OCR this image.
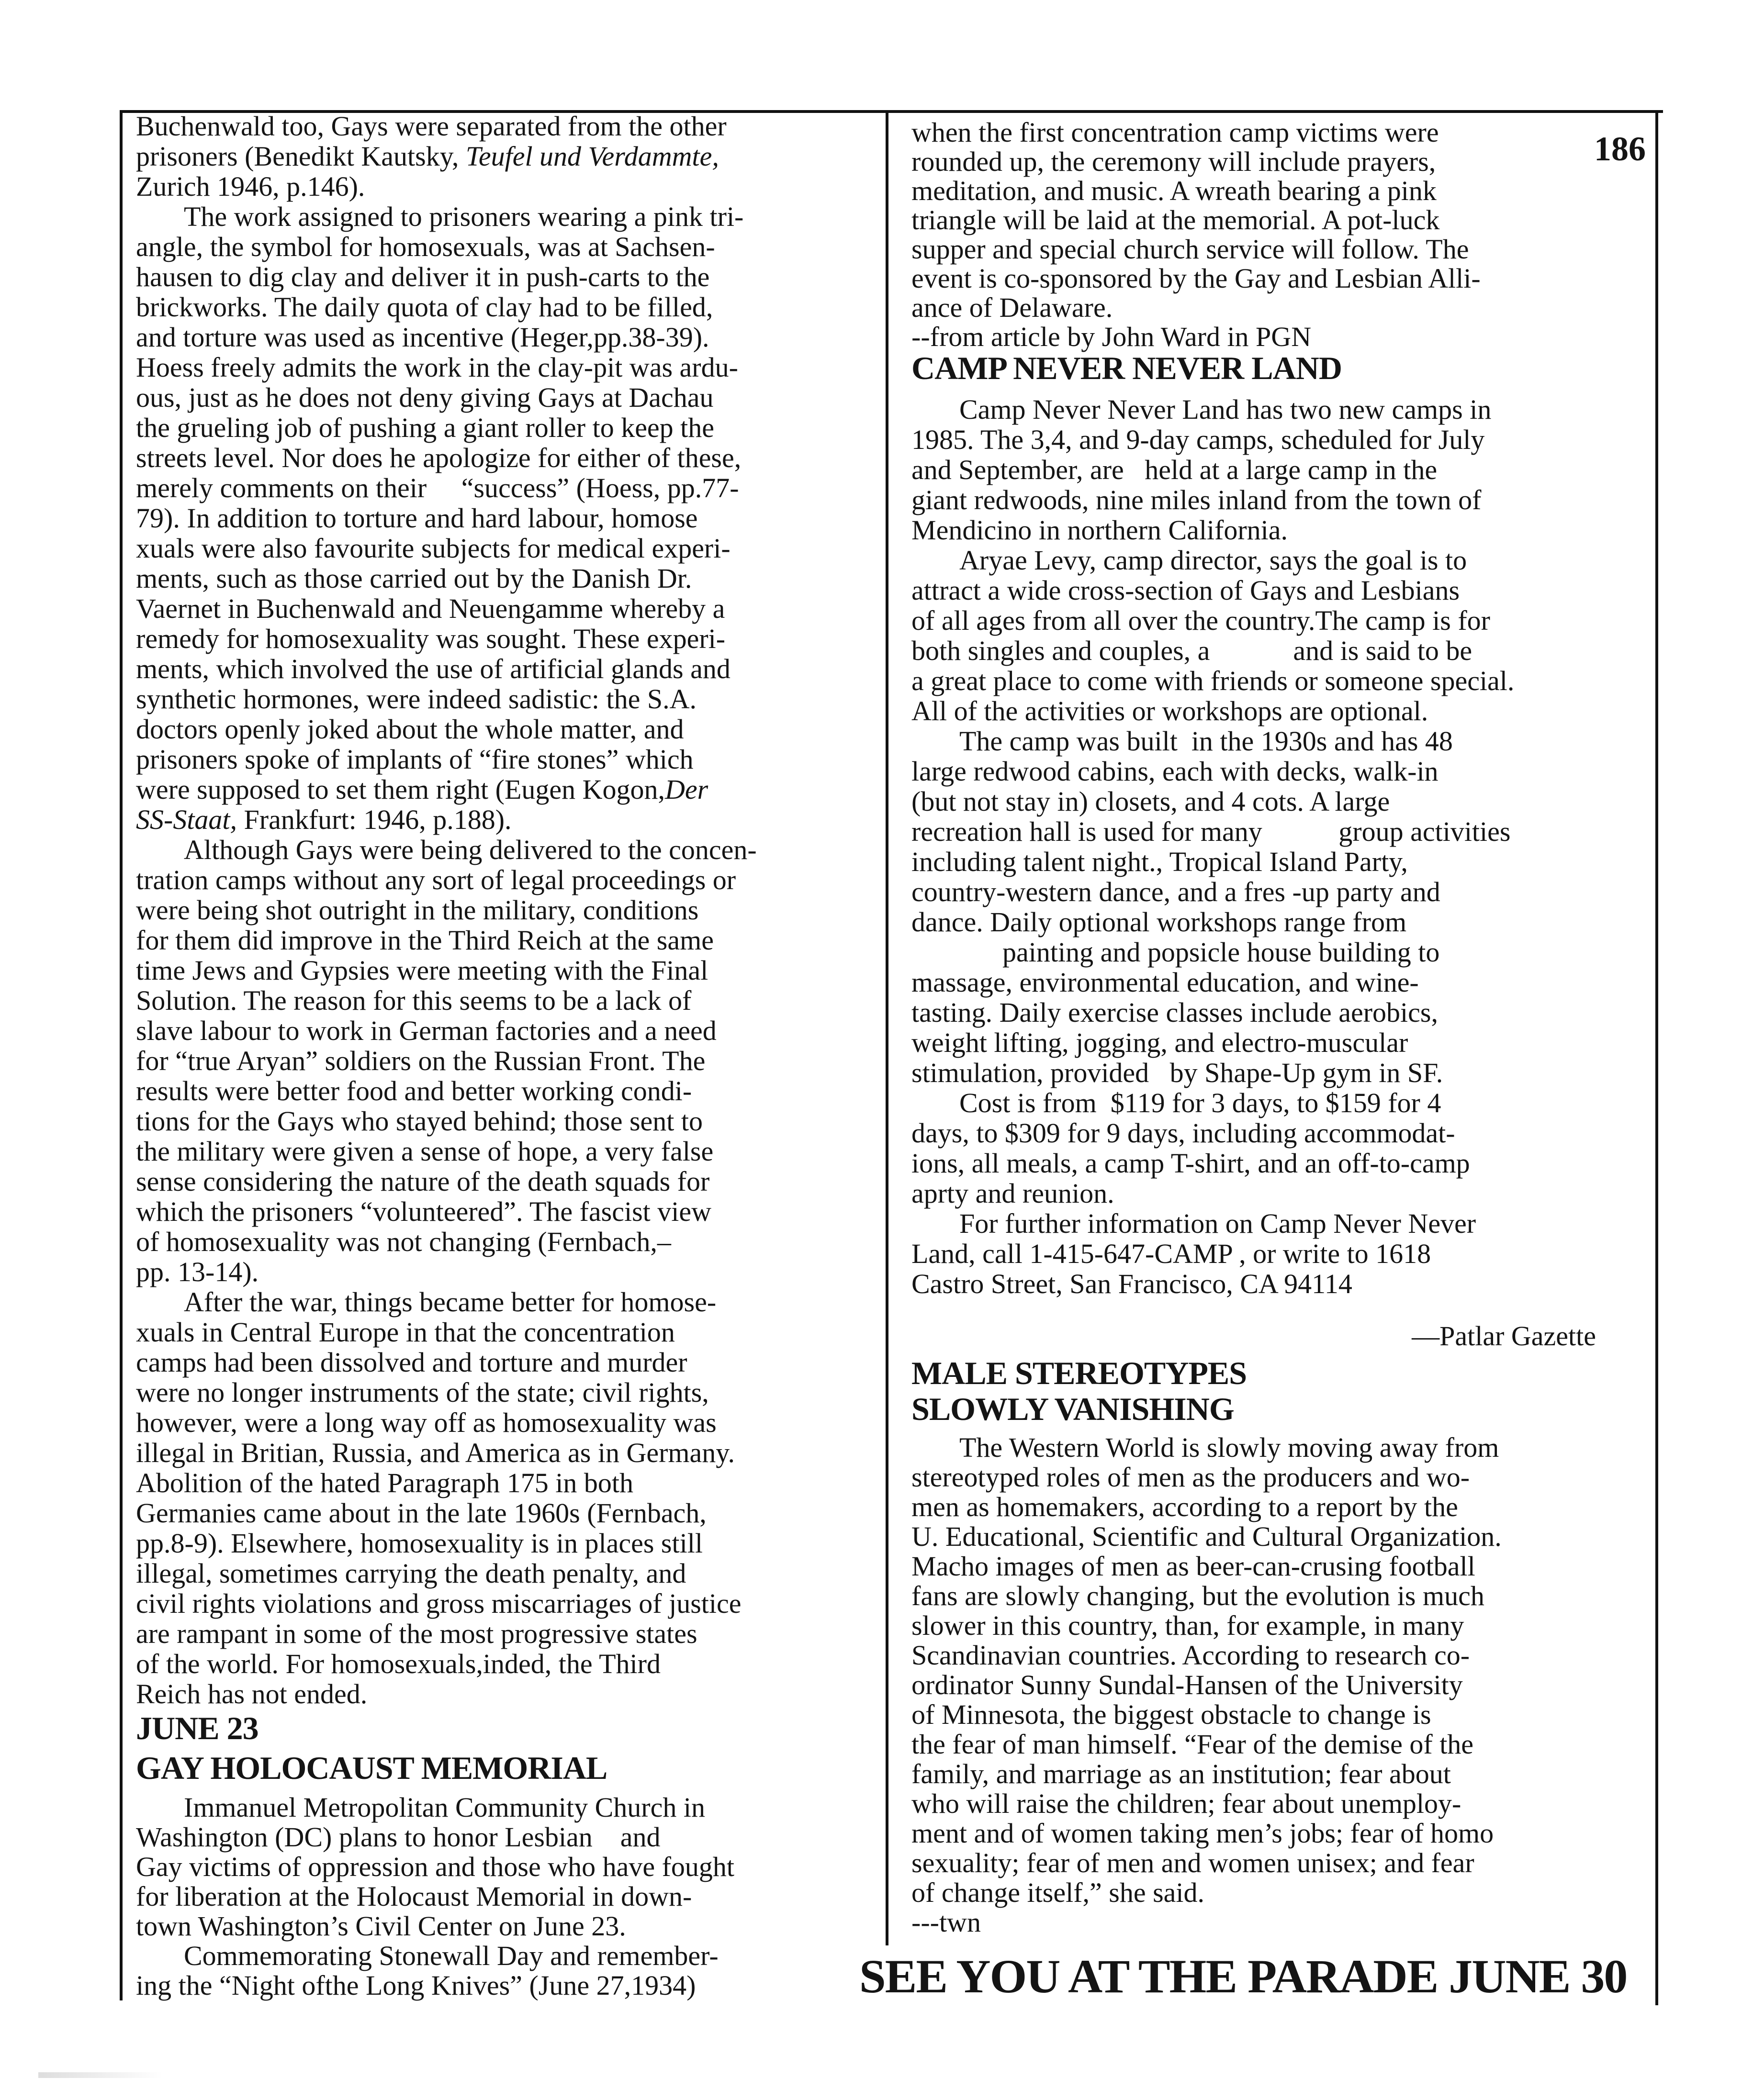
186
Buchenwald too, Gays were separated from the other
prisoners (Benedikt Kautsky, Teufel und Verdammte,
Zurich 1946, p.146).
The work assigned to prisoners wearing a pink tri-
angle, the symbol for homosexuals, was at Sachsen-
hausen to dig clay and deliver it in push-carts to the
brickworks. The daily quota of clay had to be filled,
and torture was used as incentive (Heger,pp.38-39).
Hoess freely admits the work in the clay-pit was ardu-
ous, just as he does not deny giving Gays at Dachau
the grueling job of pushing a giant roller to keep the
streets level. Nor does he apologize for either of these,
merely comments on their     “success” (Hoess, pp.77-
79). In addition to torture and hard labour, homose
xuals were also favourite subjects for medical experi-
ments, such as those carried out by the Danish Dr.
Vaernet in Buchenwald and Neuengamme whereby a
remedy for homosexuality was sought. These experi-
ments, which involved the use of artificial glands and
synthetic hormones, were indeed sadistic: the S.A.
doctors openly joked about the whole matter, and
prisoners spoke of implants of “fire stones” which
were supposed to set them right (Eugen Kogon,Der
SS-Staat, Frankfurt: 1946, p.188).
Although Gays were being delivered to the concen-
tration camps without any sort of legal proceedings or
were being shot outright in the military, conditions
for them did improve in the Third Reich at the same
time Jews and Gypsies were meeting with the Final
Solution. The reason for this seems to be a lack of
slave labour to work in German factories and a need
for “true Aryan” soldiers on the Russian Front. The
results were better food and better working condi-
tions for the Gays who stayed behind; those sent to
the military were given a sense of hope, a very false
sense considering the nature of the death squads for
which the prisoners “volunteered”. The fascist view
of homosexuality was not changing (Fernbach,–
pp. 13-14).
After the war, things became better for homose-
xuals in Central Europe in that the concentration
camps had been dissolved and torture and murder
were no longer instruments of the state; civil rights,
however, were a long way off as homosexuality was
illegal in Britian, Russia, and America as in Germany.
Abolition of the hated Paragraph 175 in both
Germanies came about in the late 1960s (Fernbach,
pp.8-9). Elsewhere, homosexuality is in places still
illegal, sometimes carrying the death penalty, and
civil rights violations and gross miscarriages of justice
are rampant in some of the most progressive states
of the world. For homosexuals,inded, the Third
Reich has not ended.
JUNE 23
GAY HOLOCAUST MEMORIAL
Immanuel Metropolitan Community Church in
Washington (DC) plans to honor Lesbian    and
Gay victims of oppression and those who have fought
for liberation at the Holocaust Memorial in down-
town Washington’s Civil Center on June 23.
Commemorating Stonewall Day and remember-
ing the “Night ofthe Long Knives” (June 27,1934)
when the first concentration camp victims were
rounded up, the ceremony will include prayers,
meditation, and music. A wreath bearing a pink
triangle will be laid at the memorial. A pot-luck
supper and special church service will follow. The
event is co-sponsored by the Gay and Lesbian Alli-
ance of Delaware.
--from article by John Ward in PGN
CAMP NEVER NEVER LAND
Camp Never Never Land has two new camps in
1985. The 3,4, and 9-day camps, scheduled for July
and September, are   held at a large camp in the
giant redwoods, nine miles inland from the town of
Mendicino in northern California.
Aryae Levy, camp director, says the goal is to
attract a wide cross-section of Gays and Lesbians
of all ages from all over the country.The camp is for
both singles and couples, a            and is said to be
a great place to come with friends or someone special.
All of the activities or workshops are optional.
The camp was built  in the 1930s and has 48
large redwood cabins, each with decks, walk-in
(but not stay in) closets, and 4 cots. A large
recreation hall is used for many           group activities
including talent night., Tropical Island Party,
country-western dance, and a fres -up party and
dance. Daily optional workshops range from
painting and popsicle house building to
massage, environmental education, and wine-
tasting. Daily exercise classes include aerobics,
weight lifting, jogging, and electro-muscular
stimulation, provided   by Shape-Up gym in SF.
Cost is from  $119 for 3 days, to $159 for 4
days, to $309 for 9 days, including accommodat-
ions, all meals, a camp T-shirt, and an off-to-camp
aprty and reunion.
For further information on Camp Never Never
Land, call 1-415-647-CAMP , or write to 1618
Castro Street, San Francisco, CA 94114
—Patlar Gazette
MALE STEREOTYPES
SLOWLY VANISHING
The Western World is slowly moving away from
stereotyped roles of men as the producers and wo-
men as homemakers, according to a report by the
U. Educational, Scientific and Cultural Organization.
Macho images of men as beer-can-crusing football
fans are slowly changing, but the evolution is much
slower in this country, than, for example, in many
Scandinavian countries. According to research co-
ordinator Sunny Sundal-Hansen of the University
of Minnesota, the biggest obstacle to change is
the fear of man himself. “Fear of the demise of the
family, and marriage as an institution; fear about
who will raise the children; fear about unemploy-
ment and of women taking men’s jobs; fear of homo
sexuality; fear of men and women unisex; and fear
of change itself,” she said.
---twn
SEE YOU AT THE PARADE JUNE 30
